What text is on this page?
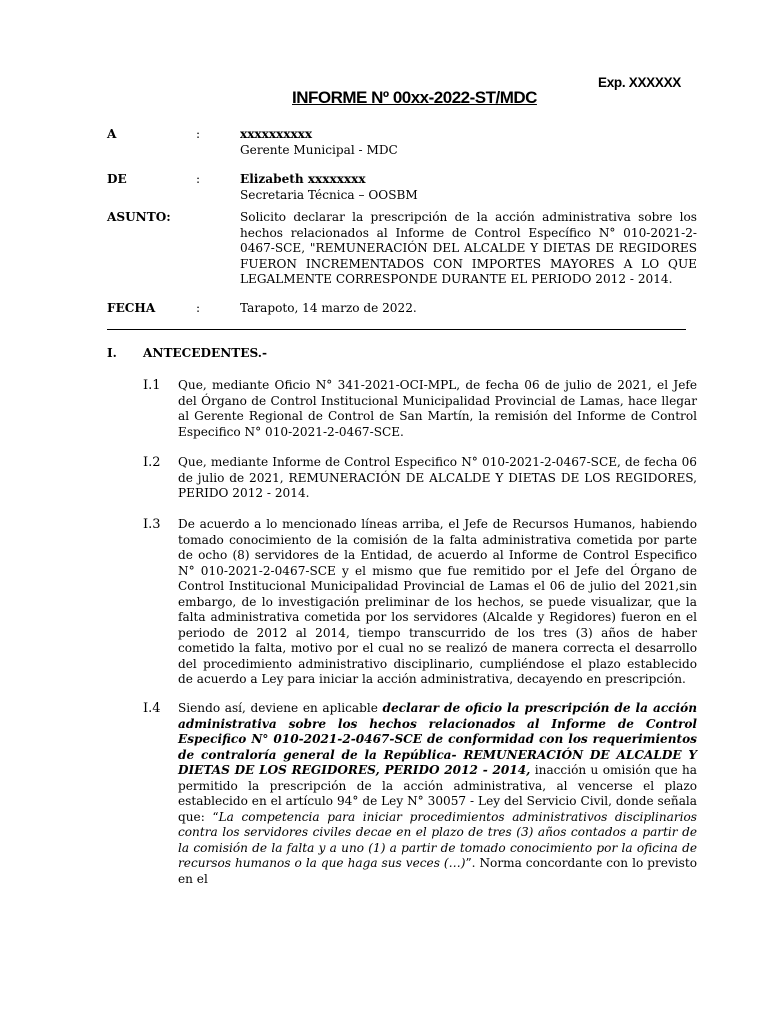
Exp. XXXXXX
INFORME Nº 00xx-2022-ST/MDC
A	:	xxxxxxxxxx
Gerente Municipal - MDC
DE	:	Elizabeth xxxxxxxx
Secretaria Técnica – OOSBM
ASUNTO:	Solicito declarar la prescripción de la acción administrativa sobre los hechos relacionados al Informe de Control Específico N° 010-2021-2-0467-SCE, "REMUNERACIÓN DEL ALCALDE Y DIETAS DE REGIDORES FUERON INCREMENTADOS CON IMPORTES MAYORES A LO QUE LEGALMENTE CORRESPONDE DURANTE EL PERIODO 2012 - 2014.
FECHA	:	Tarapoto, 14 marzo de 2022.
I. ANTECEDENTES.-
I.1 Que, mediante Oficio N° 341-2021-OCI-MPL, de fecha 06 de julio de 2021, el Jefe del Órgano de Control Institucional Municipalidad Provincial de Lamas, hace llegar al Gerente Regional de Control de San Martín, la remisión del Informe de Control Especifico N° 010-2021-2-0467-SCE.
I.2 Que, mediante Informe de Control Especifico N° 010-2021-2-0467-SCE, de fecha 06 de julio de 2021, REMUNERACIÓN DE ALCALDE Y DIETAS DE LOS REGIDORES, PERIDO 2012 - 2014.
I.3 De acuerdo a lo mencionado líneas arriba, el Jefe de Recursos Humanos, habiendo tomado conocimiento de la comisión de la falta administrativa cometida por parte de ocho (8) servidores de la Entidad, de acuerdo al Informe de Control Especifico N° 010-2021-2-0467-SCE y el mismo que fue remitido por el Jefe del Órgano de Control Institucional Municipalidad Provincial de Lamas el 06 de julio del 2021,sin embargo, de lo investigación preliminar de los hechos, se puede visualizar, que la falta administrativa cometida por los servidores (Alcalde y Regidores) fueron en el periodo de 2012 al 2014, tiempo transcurrido de los tres (3) años de haber cometido la falta, motivo por el cual no se realizó de manera correcta el desarrollo del procedimiento administrativo disciplinario, cumpliéndose el plazo establecido de acuerdo a Ley para iniciar la acción administrativa, decayendo en prescripción.
I.4 Siendo así, deviene en aplicable declarar de oficio la prescripción de la acción administrativa sobre los hechos relacionados al Informe de Control Especifico N° 010-2021-2-0467-SCE de conformidad con los requerimientos de contraloría general de la República- REMUNERACIÓN DE ALCALDE Y DIETAS DE LOS REGIDORES, PERIDO 2012 - 2014, inacción u omisión que ha permitido la prescripción de la acción administrativa, al vencerse el plazo establecido en el artículo 94° de Ley N° 30057 - Ley del Servicio Civil, donde señala que: “La competencia para iniciar procedimientos administrativos disciplinarios contra los servidores civiles decae en el plazo de tres (3) años contados a partir de la comisión de la falta y a uno (1) a partir de tomado conocimiento por la oficina de recursos humanos o la que haga sus veces (…)”. Norma concordante con lo previsto en el
